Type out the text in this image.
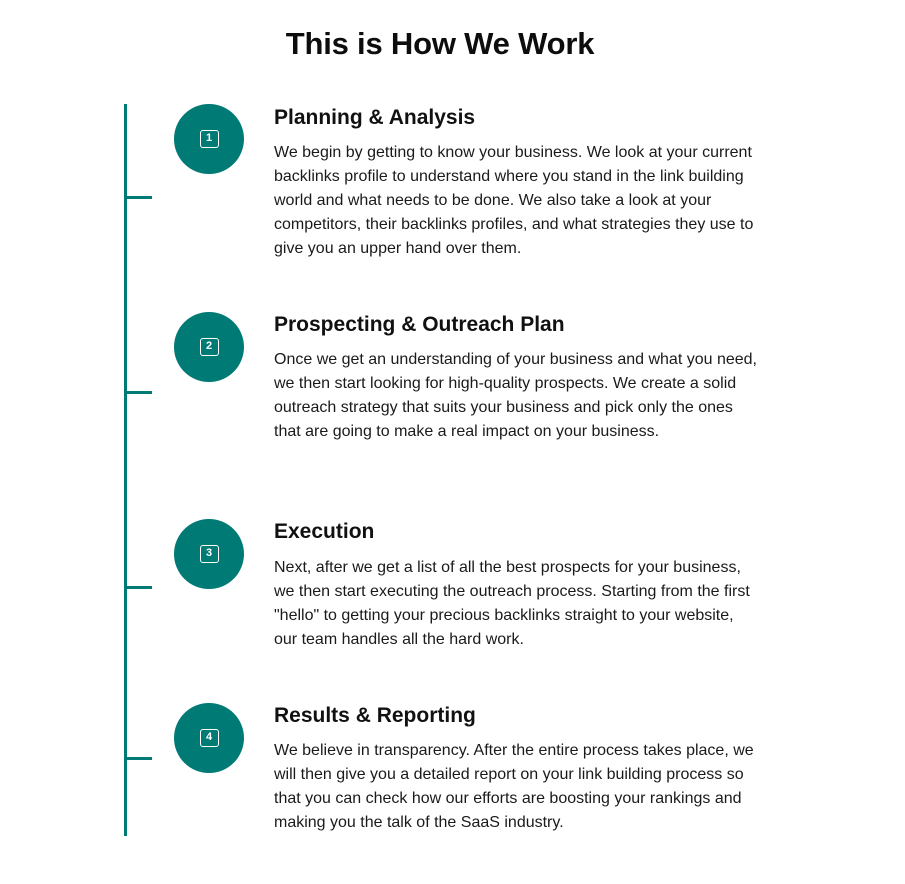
This is How We Work
1
Planning & Analysis

We begin by getting to know your business. We look at your current backlinks profile to understand where you stand in the link building world and what needs to be done. We also take a look at your competitors, their backlinks profiles, and what strategies they use to give you an upper hand over them.

2
Prospecting & Outreach Plan

Once we get an understanding of your business and what you need, we then start looking for high-quality prospects. We create a solid outreach strategy that suits your business and pick only the ones that are going to make a real impact on your business.

3
Execution

Next, after we get a list of all the best prospects for your business, we then start executing the outreach process. Starting from the first "hello" to getting your precious backlinks straight to your website, our team handles all the hard work.

4
Results & Reporting

We believe in transparency. After the entire process takes place, we will then give you a detailed report on your link building process so that you can check how our efforts are boosting your rankings and making you the talk of the SaaS industry.
